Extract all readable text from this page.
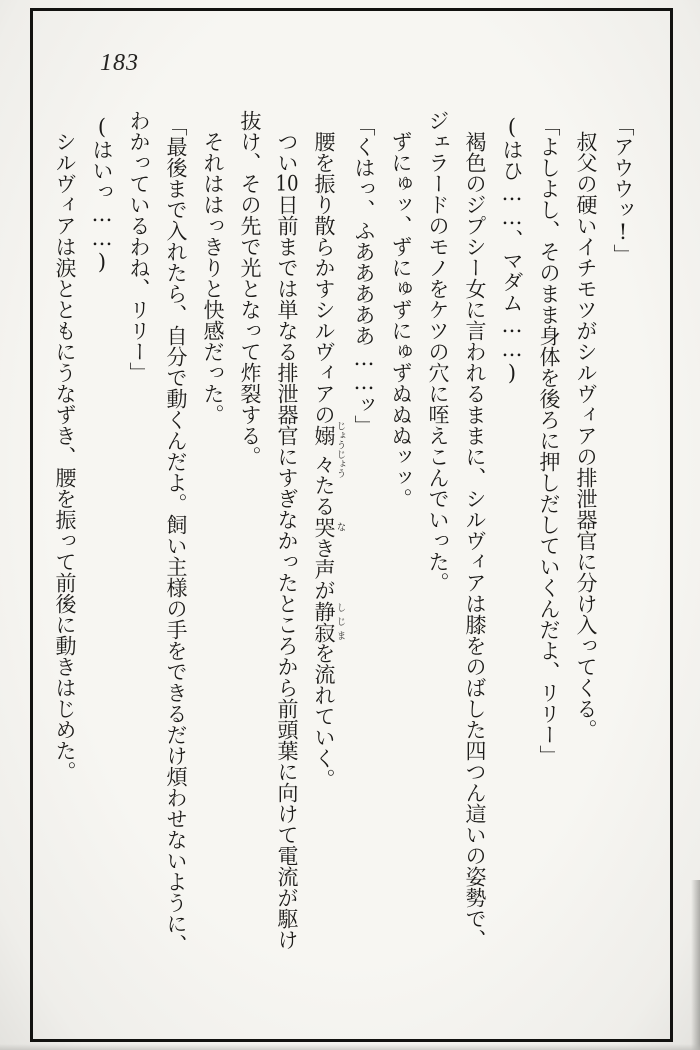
183

「アウウッ!」

叔父の硬いイチモツがシルヴィアの排泄器官に分け入ってくる。

「よしよし、そのまま身体を後ろに押しだしていくんだよ、リリー」

(はひ……、マダム……)

褐色のジプシー女に言われるままに、シルヴィアは膝をのばした四つん這いの姿勢で、

ジェラードのモノをケツの穴に咥えこんでいった。

ずにゅッ、ずにゅずにゅずぬぬぬッッ。

「くはっ、ふあああああ……ッ」

腰を振り散らかすシルヴィアの嫋々じょうじょうたる哭なき声が静寂しじまを流れていく。

つい10日前までは単なる排泄器官にすぎなかったところから前頭葉に向けて電流が駆け

抜け、その先で光となって炸裂する。

それははっきりと快感だった。

「最後まで入れたら、自分で動くんだよ。飼い主様の手をできるだけ煩わせないように、

わかっているわね、リリー」

(はいっ……)

シルヴィアは涙とともにうなずき、腰を振って前後に動きはじめた。
